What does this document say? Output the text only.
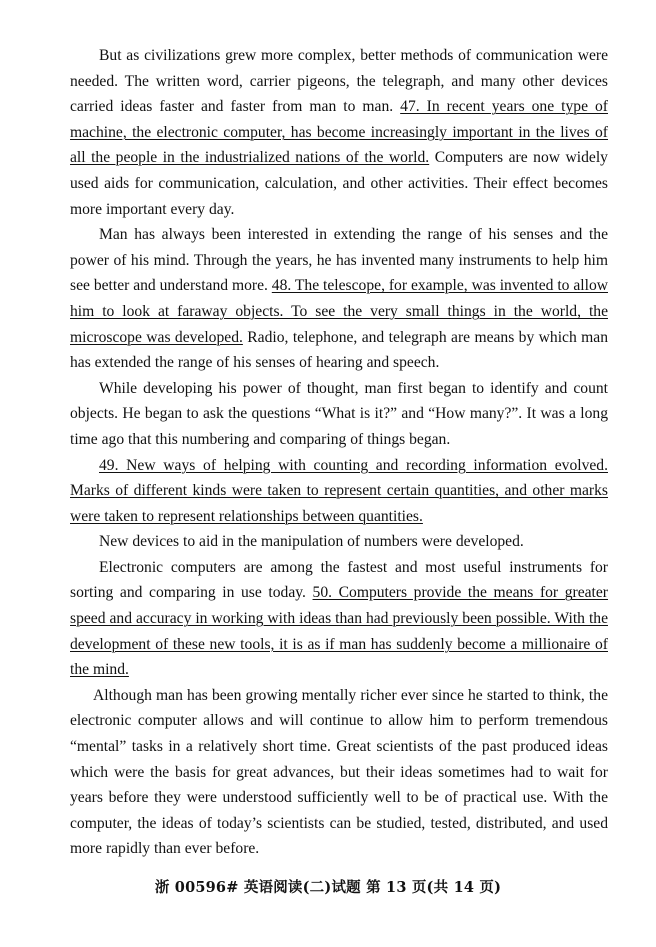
But as civilizations grew more complex, better methods of communication were needed. The written word, carrier pigeons, the telegraph, and many other devices carried ideas faster and faster from man to man. 47. In recent years one type of machine, the electronic computer, has become increasingly important in the lives of all the people in the industrialized nations of the world. Computers are now widely used aids for communication, calculation, and other activities. Their effect becomes more important every day.

Man has always been interested in extending the range of his senses and the power of his mind. Through the years, he has invented many instruments to help him see better and understand more. 48. The telescope, for example, was invented to allow him to look at faraway objects. To see the very small things in the world, the microscope was developed. Radio, telephone, and telegraph are means by which man has extended the range of his senses of hearing and speech.

While developing his power of thought, man first began to identify and count objects. He began to ask the questions “What is it?” and “How many?”. It was a long time ago that this numbering and comparing of things began.

49. New ways of helping with counting and recording information evolved. Marks of different kinds were taken to represent certain quantities, and other marks were taken to represent relationships between quantities.

New devices to aid in the manipulation of numbers were developed.

Electronic computers are among the fastest and most useful instruments for sorting and comparing in use today. 50. Computers provide the means for greater speed and accuracy in working with ideas than had previously been possible. With the development of these new tools, it is as if man has suddenly become a millionaire of the mind.

Although man has been growing mentally richer ever since he started to think, the electronic computer allows and will continue to allow him to perform tremendous “mental” tasks in a relatively short time. Great scientists of the past produced ideas which were the basis for great advances, but their ideas sometimes had to wait for years before they were understood sufficiently well to be of practical use. With the computer, the ideas of today’s scientists can be studied, tested, distributed, and used more rapidly than ever before.

浙 00596# 英语阅读(二)试题 第 13 页(共 14 页)
